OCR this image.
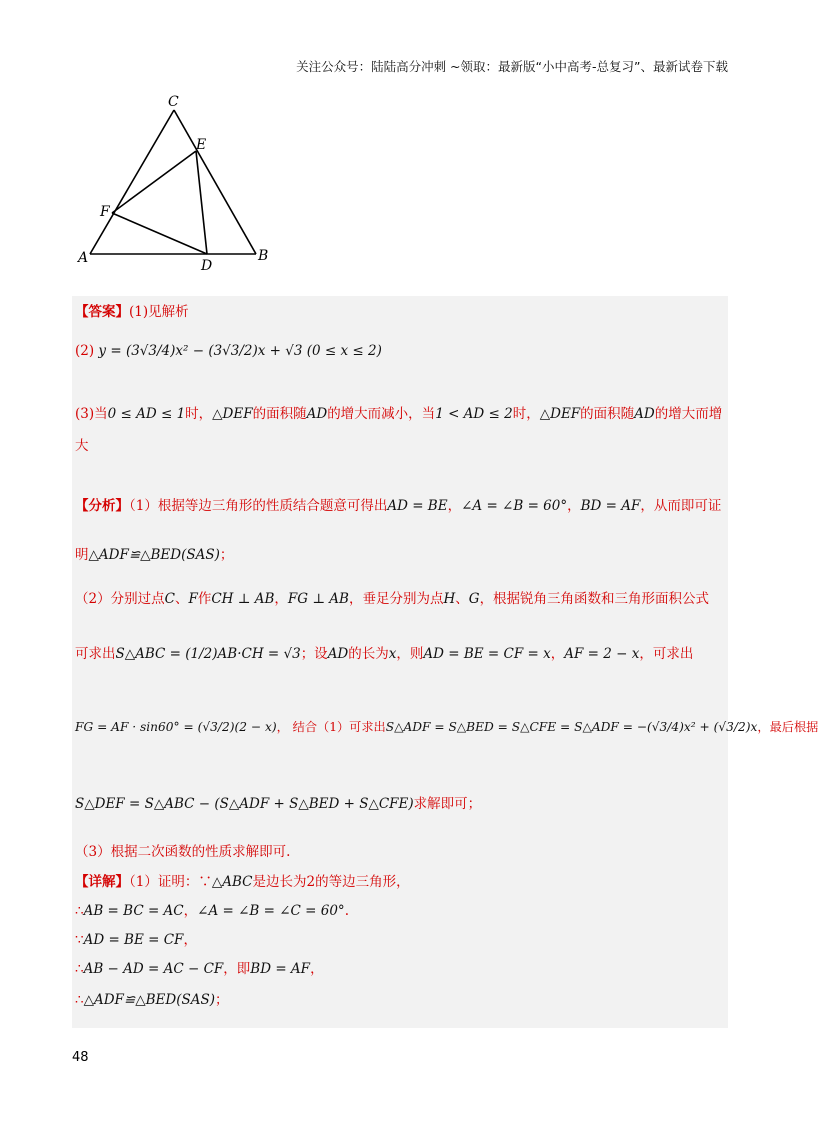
关注公众号：陆陆高分冲刺 ~领取：最新版“小中高考-总复习”、最新试卷下载
A	B
C
D
E
F
【答案】(1)见解析
(2) y = (3√3/4)x² − (3√3/2)x + √3 (0 ≤ x ≤ 2)
(3)当0 ≤ AD ≤ 1时，△DEF的面积随AD的增大而减小，当1 < AD ≤ 2时，△DEF的面积随AD的增大而增
大
【分析】（1）根据等边三角形的性质结合题意可得出AD = BE，∠A = ∠B = 60°，BD = AF，从而即可证
明△ADF≌△BED(SAS)；
（2）分别过点C、F作CH ⊥ AB，FG ⊥ AB，垂足分别为点H、G，根据锐角三角函数和三角形面积公式
可求出S△ABC = (1/2)AB·CH = √3；设AD的长为x，则AD = BE = CF = x，AF = 2 − x，可求出
FG = AF · sin60° = (√3/2)(2 − x)， 结合（1）可求出S△ADF = S△BED = S△CFE = S△ADF = −(√3/4)x² + (√3/2)x，最后根据
S△DEF = S△ABC − (S△ADF + S△BED + S△CFE)求解即可；
（3）根据二次函数的性质求解即可.
【详解】（1）证明：∵△ABC是边长为2的等边三角形，
∴AB = BC = AC，∠A = ∠B = ∠C = 60°.
∵AD = BE = CF，
∴AB − AD = AC − CF，即BD = AF，
∴△ADF≌△BED(SAS)；
48
